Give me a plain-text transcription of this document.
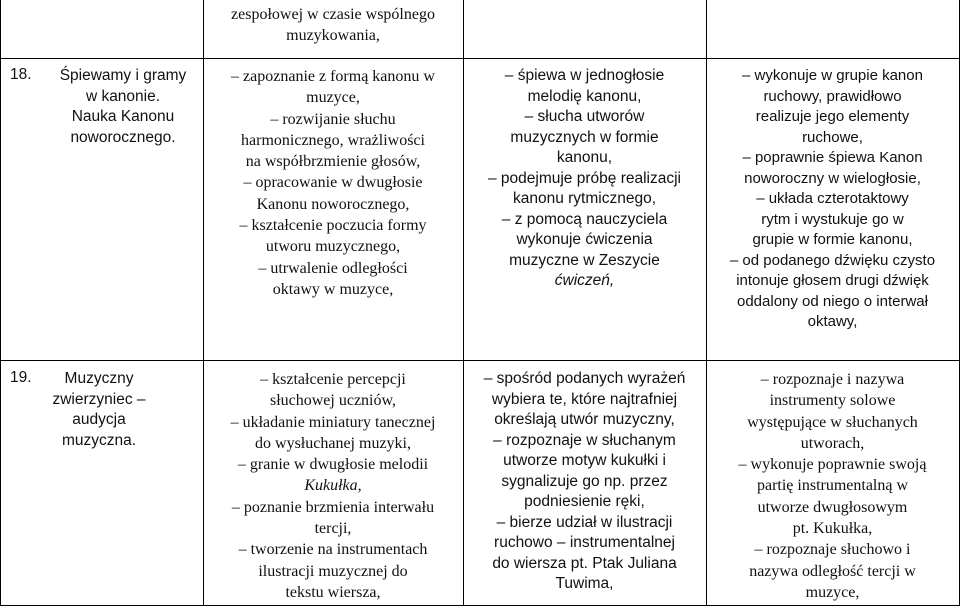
zespołowej w czasie wspólnego
muzykowania,
18.	Śpiewamy i gramy
w kanonie.
Nauka Kanonu
noworocznego.
– zapoznanie z formą kanonu w
muzyce,
– rozwijanie słuchu
harmonicznego, wrażliwości
na współbrzmienie głosów,
– opracowanie w dwugłosie
Kanonu noworocznego,
– kształcenie poczucia formy
utworu muzycznego,
– utrwalenie odległości
oktawy w muzyce,
– śpiewa w jednogłosie
melodię kanonu,
– słucha utworów
muzycznych w formie
kanonu,
– podejmuje próbę realizacji
kanonu rytmicznego,
– z pomocą nauczyciela
wykonuje ćwiczenia
muzyczne w Zeszycie
ćwiczeń,
– wykonuje w grupie kanon
ruchowy, prawidłowo
realizuje jego elementy
ruchowe,
– poprawnie śpiewa Kanon
noworoczny w wielogłosie,
– układa czterotaktowy
rytm i wystukuje go w
grupie w formie kanonu,
– od podanego dźwięku czysto
intonuje głosem drugi dźwięk
oddalony od niego o interwał
oktawy,
19.	Muzyczny
zwierzyniec –
audycja
muzyczna.
– kształcenie percepcji
słuchowej uczniów,
– układanie miniatury tanecznej
do wysłuchanej muzyki,
– granie w dwugłosie melodii
Kukułka,
– poznanie brzmienia interwału
tercji,
– tworzenie na instrumentach
ilustracji muzycznej do
tekstu wiersza,
– spośród podanych wyrażeń
wybiera te, które najtrafniej
określają utwór muzyczny,
– rozpoznaje w słuchanym
utworze motyw kukułki i
sygnalizuje go np. przez
podniesienie ręki,
– bierze udział w ilustracji
ruchowo – instrumentalnej
do wiersza pt. Ptak Juliana
Tuwima,
– rozpoznaje i nazywa
instrumenty solowe
występujące w słuchanych
utworach,
– wykonuje poprawnie swoją
partię instrumentalną w
utworze dwugłosowym
pt. Kukułka,
– rozpoznaje słuchowo i
nazywa odległość tercji w
muzyce,
